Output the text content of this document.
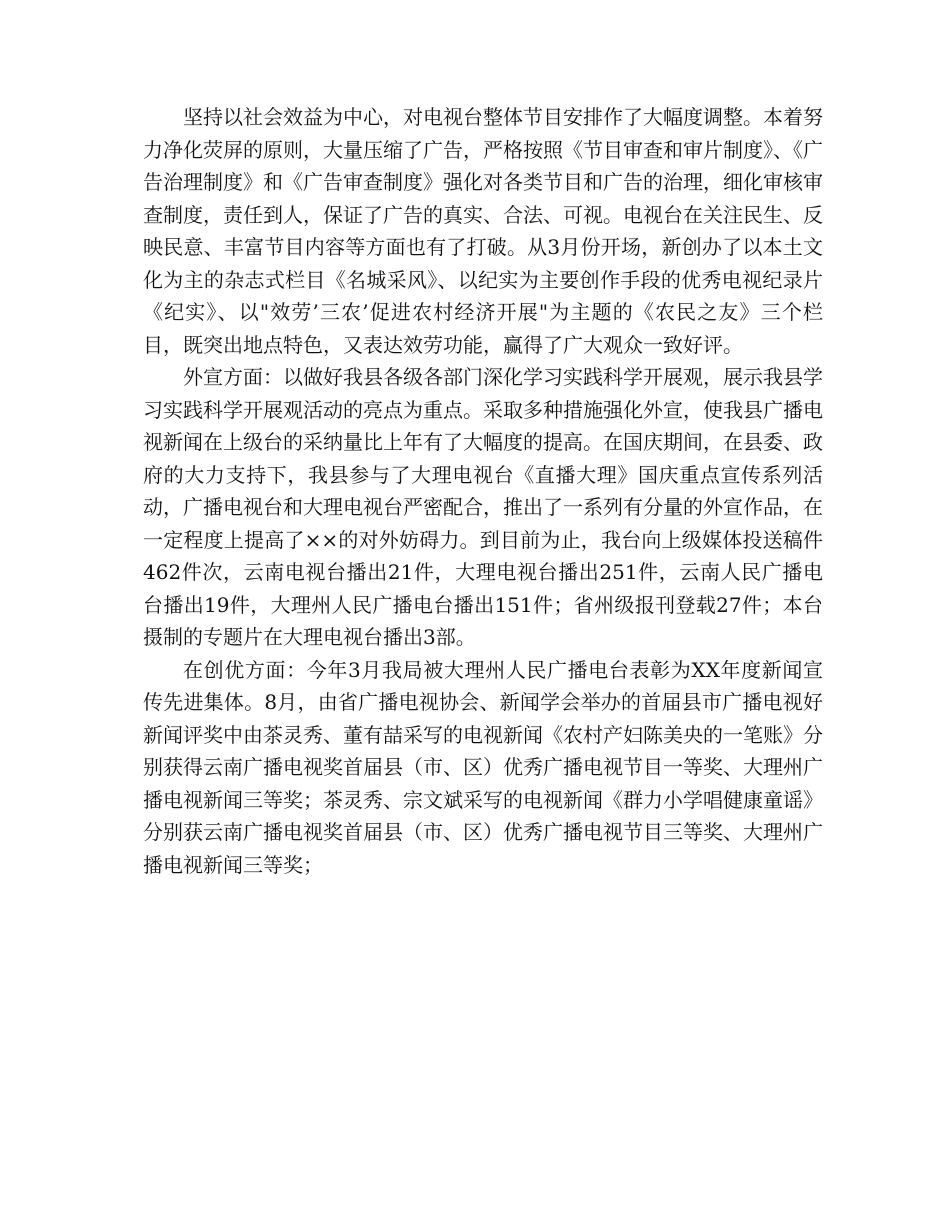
坚持以社会效益为中心，对电视台整体节目安排作了大幅度调整。本着努力净化荧屏的原则，大量压缩了广告，严格按照《节目审查和审片制度》、《广告治理制度》和《广告审查制度》强化对各类节目和广告的治理，细化审核审查制度，责任到人，保证了广告的真实、合法、可视。电视台在关注民生、反映民意、丰富节目内容等方面也有了打破。从3月份开场，新创办了以本土文化为主的杂志式栏目《名城采风》、以纪实为主要创作手段的优秀电视纪录片《纪实》、以"效劳’三农’促进农村经济开展"为主题的《农民之友》三个栏目，既突出地点特色，又表达效劳功能，赢得了广大观众一致好评。

外宣方面：以做好我县各级各部门深化学习实践科学开展观，展示我县学习实践科学开展观活动的亮点为重点。采取多种措施强化外宣，使我县广播电视新闻在上级台的采纳量比上年有了大幅度的提高。在国庆期间，在县委、政府的大力支持下，我县参与了大理电视台《直播大理》国庆重点宣传系列活动，广播电视台和大理电视台严密配合，推出了一系列有分量的外宣作品，在一定程度上提高了××的对外妨碍力。到目前为止，我台向上级媒体投送稿件462件次，云南电视台播出21件，大理电视台播出251件，云南人民广播电台播出19件，大理州人民广播电台播出151件；省州级报刊登载27件；本台摄制的专题片在大理电视台播出3部。

在创优方面：今年3月我局被大理州人民广播电台表彰为XX年度新闻宣传先进集体。8月，由省广播电视协会、新闻学会举办的首届县市广播电视好新闻评奖中由茶灵秀、董有喆采写的电视新闻《农村产妇陈美央的一笔账》分别获得云南广播电视奖首届县（市、区）优秀广播电视节目一等奖、大理州广播电视新闻三等奖；茶灵秀、宗文斌采写的电视新闻《群力小学唱健康童谣》分别获云南广播电视奖首届县（市、区）优秀广播电视节目三等奖、大理州广播电视新闻三等奖；
